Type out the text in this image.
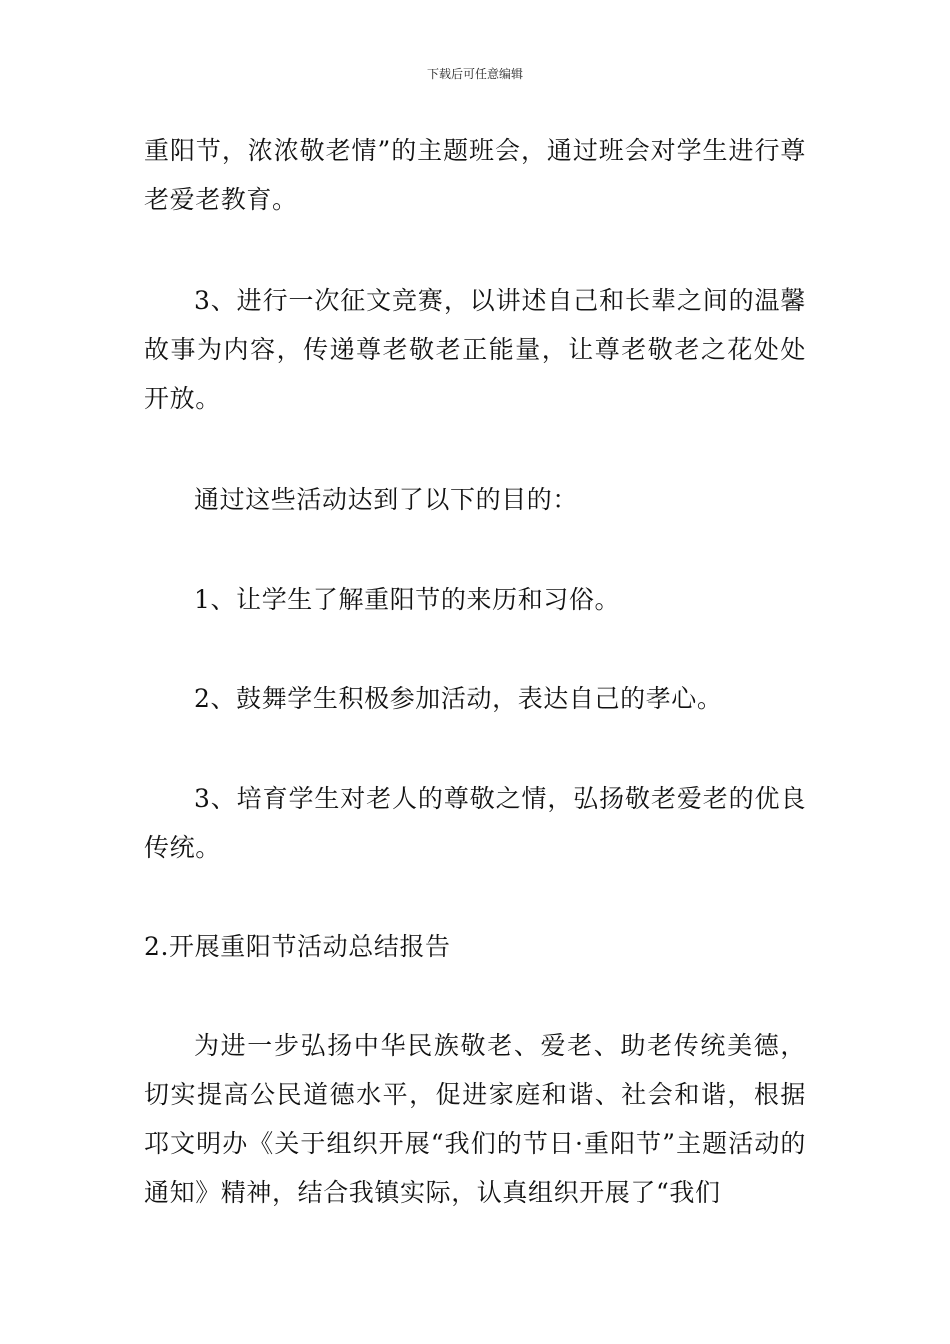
下载后可任意编辑

重阳节，浓浓敬老情”的主题班会，通过班会对学生进行尊老爱老教育。

3、进行一次征文竞赛，以讲述自己和长辈之间的温馨故事为内容，传递尊老敬老正能量，让尊老敬老之花处处开放。

通过这些活动达到了以下的目的：

1、让学生了解重阳节的来历和习俗。

2、鼓舞学生积极参加活动，表达自己的孝心。

3、培育学生对老人的尊敬之情，弘扬敬老爱老的优良传统。

2.开展重阳节活动总结报告

为进一步弘扬中华民族敬老、爱老、助老传统美德，切实提高公民道德水平，促进家庭和谐、社会和谐，根据邛文明办《关于组织开展“我们的节日·重阳节”主题活动的通知》精神，结合我镇实际，认真组织开展了“我们
